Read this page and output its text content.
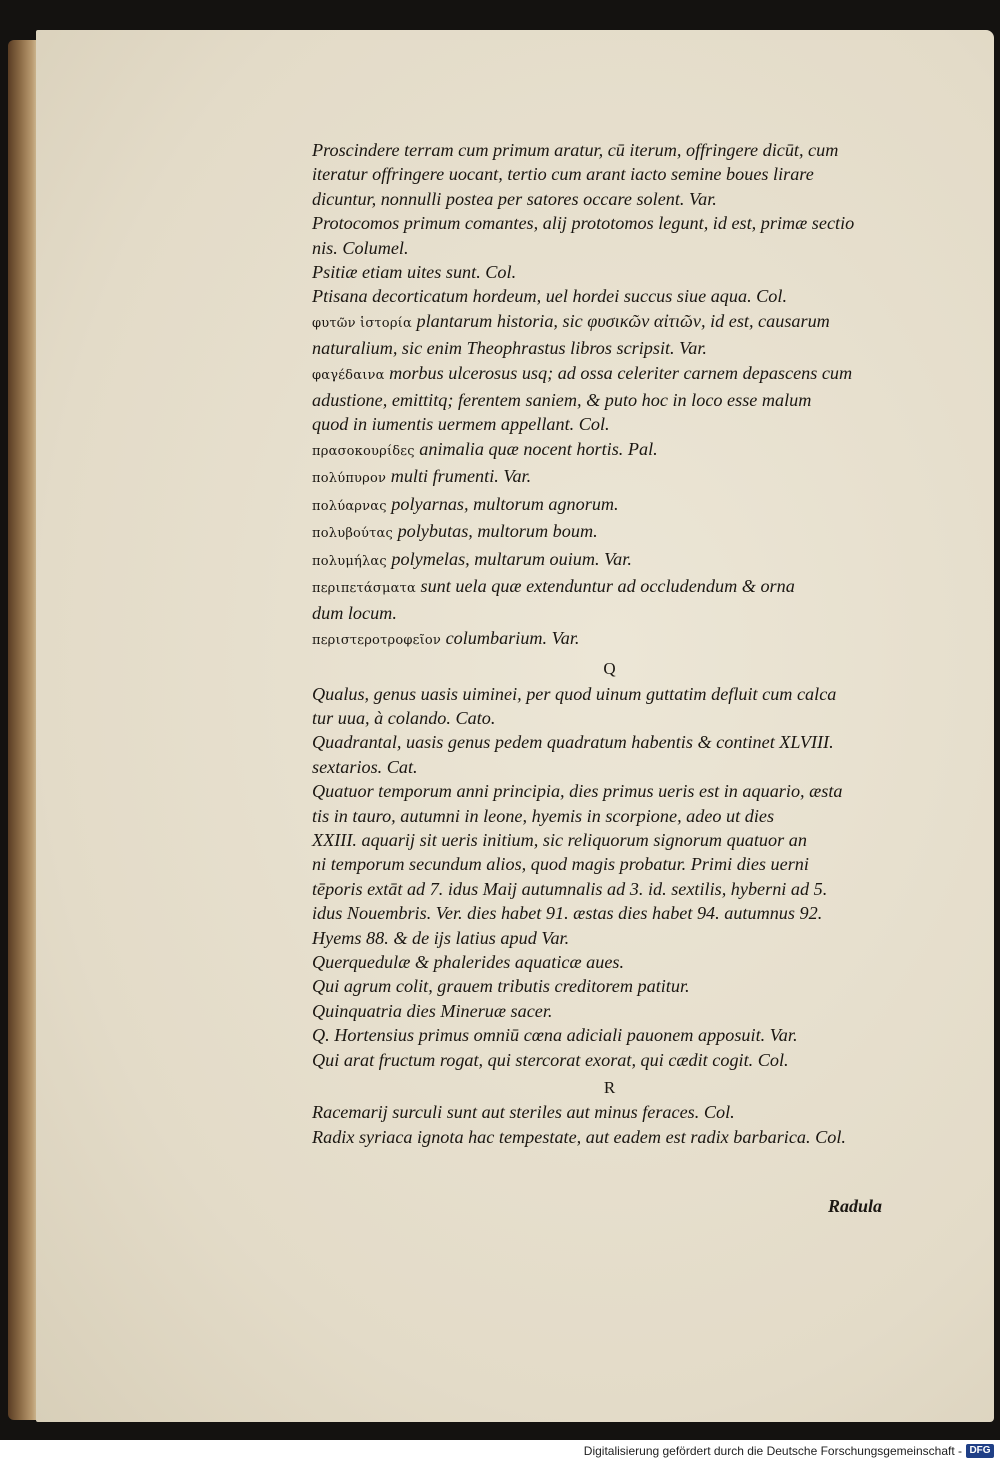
Proscindere terram cum primum aratur, cū iterum, offringere dicūt, cum
iteratur offringere uocant, tertio cum arant iacto semine boues lirare
dicuntur, nonnulli postea per satores occare solent. Var.
Protocomos primum comantes, alij prototomos legunt, id est, primæ sectio
nis. Columel.
Psitiæ etiam uites sunt. Col.
Ptisana decorticatum hordeum, uel hordei succus siue aqua. Col.
φυτῶν ἱστορία plantarum historia, sic φυσικῶν αἰτιῶν, id est, causarum
naturalium, sic enim Theophrastus libros scripsit. Var.
φαγέδαινα morbus ulcerosus usq; ad ossa celeriter carnem depascens cum
adustione, emittitq; ferentem saniem, & puto hoc in loco esse malum
quod in iumentis uermem appellant. Col.
πρασοκουρίδες animalia quæ nocent hortis. Pal.
πολύπυρον multi frumenti. Var.
πολύαρνας polyarnas, multorum agnorum.
πολυβούτας polybutas, multorum boum.
πολυμήλας polymelas, multarum ouium. Var.
περιπετάσματα sunt uela quæ extenduntur ad occludendum & orna
dum locum.
περιστεροτροφεῖον columbarium. Var.
Q
Qualus, genus uasis uiminei, per quod uinum guttatim defluit cum calca
tur uua, à colando. Cato.
Quadrantal, uasis genus pedem quadratum habentis & continet XLVIII.
sextarios. Cat.
Quatuor temporum anni principia, dies primus ueris est in aquario, æsta
tis in tauro, autumni in leone, hyemis in scorpione, adeo ut dies
XXIII. aquarij sit ueris initium, sic reliquorum signorum quatuor an
ni temporum secundum alios, quod magis probatur. Primi dies uerni
tēporis extāt ad 7. idus Maij autumnalis ad 3. id. sextilis, hyberni ad 5.
idus Nouembris. Ver. dies habet 91. æstas dies habet 94. autumnus 92.
Hyems 88. & de ijs latius apud Var.
Querquedulæ & phalerides aquaticæ aues.
Qui agrum colit, grauem tributis creditorem patitur.
Quinquatria dies Mineruæ sacer.
Q. Hortensius primus omniū cœna adiciali pauonem apposuit. Var.
Qui arat fructum rogat, qui stercorat exorat, qui cædit cogit. Col.
R
Racemarij surculi sunt aut steriles aut minus feraces. Col.
Radix syriaca ignota hac tempestate, aut eadem est radix barbarica. Col.
Radula
Digitalisierung gefördert durch die Deutsche Forschungsgemeinschaft - DFG
